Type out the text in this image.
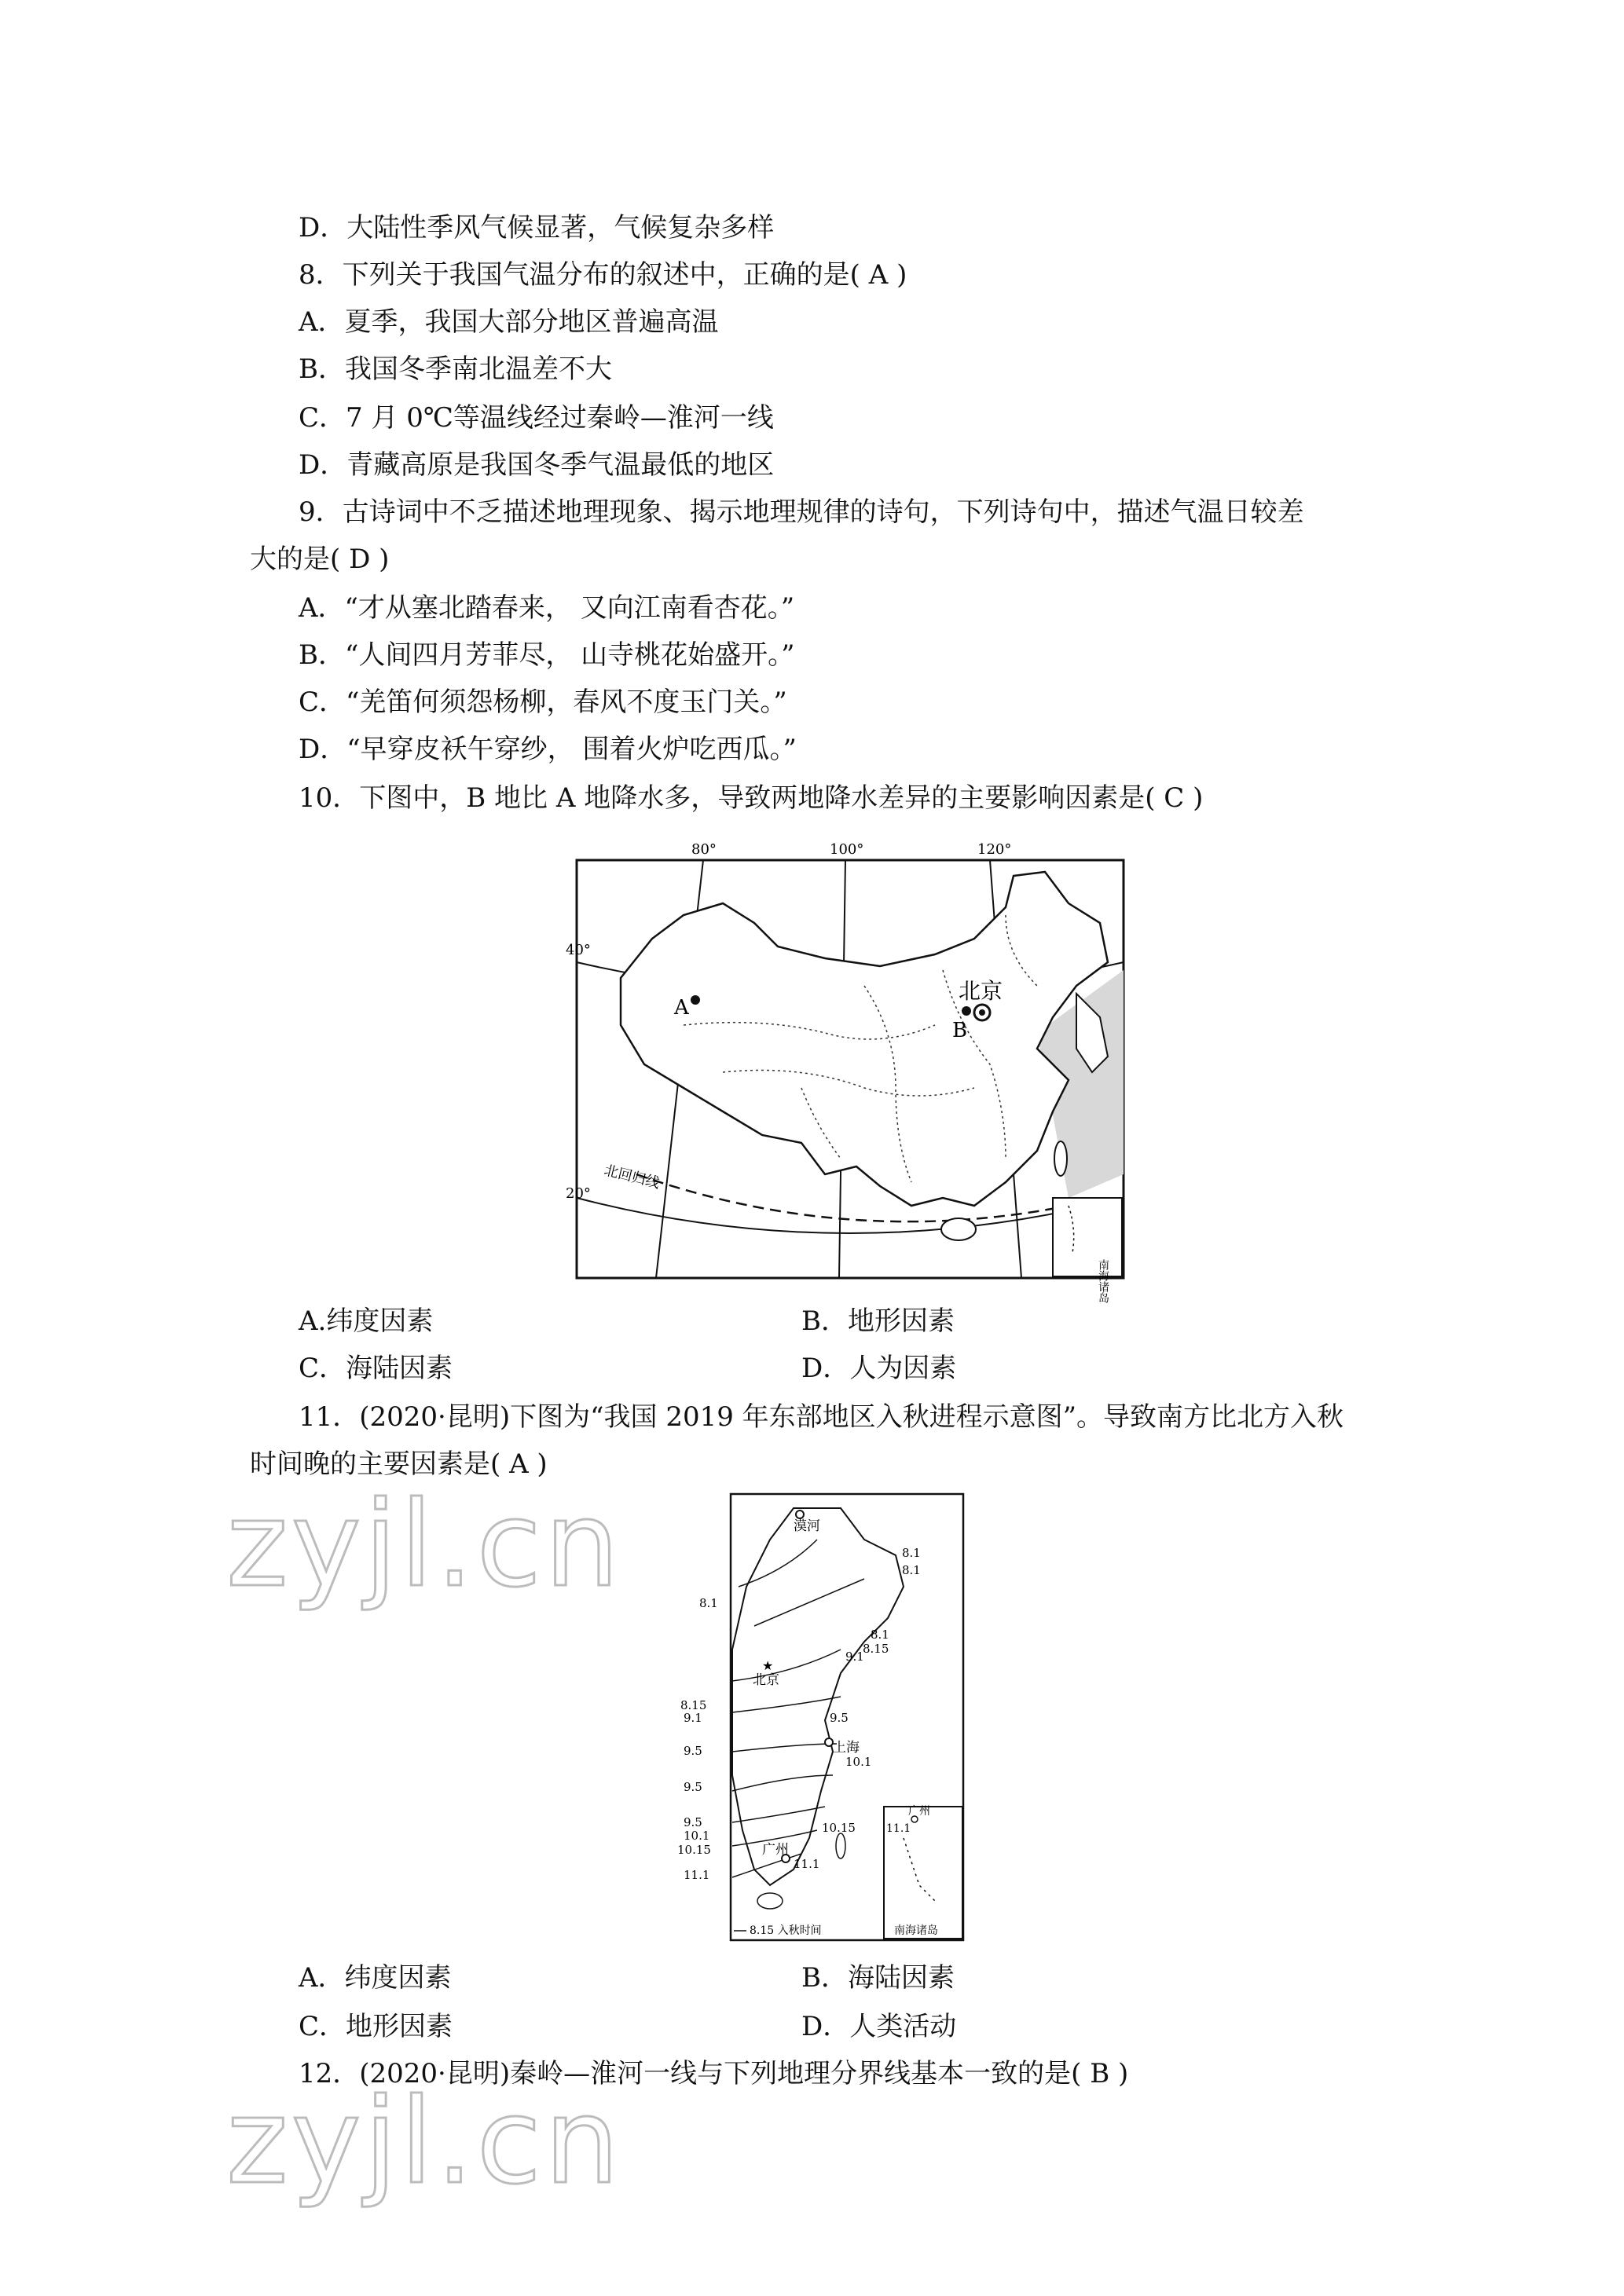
D．大陆性季风气候显著，气候复杂多样
8．下列关于我国气温分布的叙述中，正确的是( A )
A．夏季，我国大部分地区普遍高温
B．我国冬季南北温差不大
C．7 月 0℃等温线经过秦岭—淮河一线
D．青藏高原是我国冬季气温最低的地区
9．古诗词中不乏描述地理现象、揭示地理规律的诗句，下列诗句中，描述气温日较差
大的是( D )
A．“才从塞北踏春来， 又向江南看杏花。”
B．“人间四月芳菲尽， 山寺桃花始盛开。”
C．“羌笛何须怨杨柳，春风不度玉门关。”
D．“早穿皮袄午穿纱， 围着火炉吃西瓜。”
10．下图中，B 地比 A 地降水多，导致两地降水差异的主要影响因素是( C )
南海诸岛
80°	100°	120°
40°
20°
A
B
北京
北回归线
A.纬度因素	B．地形因素
C．海陆因素	D．人为因素
11．(2020·昆明)下图为“我国 2019 年东部地区入秋进程示意图”。导致南方比北方入秋
时间晚的主要因素是( A )
漠河
★
北京
上海
广州
8.1
8.1
8.1
8.1
8.15
9.1
8.15
9.1	9.5
9.5
9.5
9.5
10.1
10.1
10.15
10.15
11.1
11.1
广州
11.1
南海诸岛
8.15 入秋时间
A．纬度因素	B．海陆因素
C．地形因素	D．人类活动
12．(2020·昆明)秦岭—淮河一线与下列地理分界线基本一致的是( B )
zyjl.cn
zyjl.cn
